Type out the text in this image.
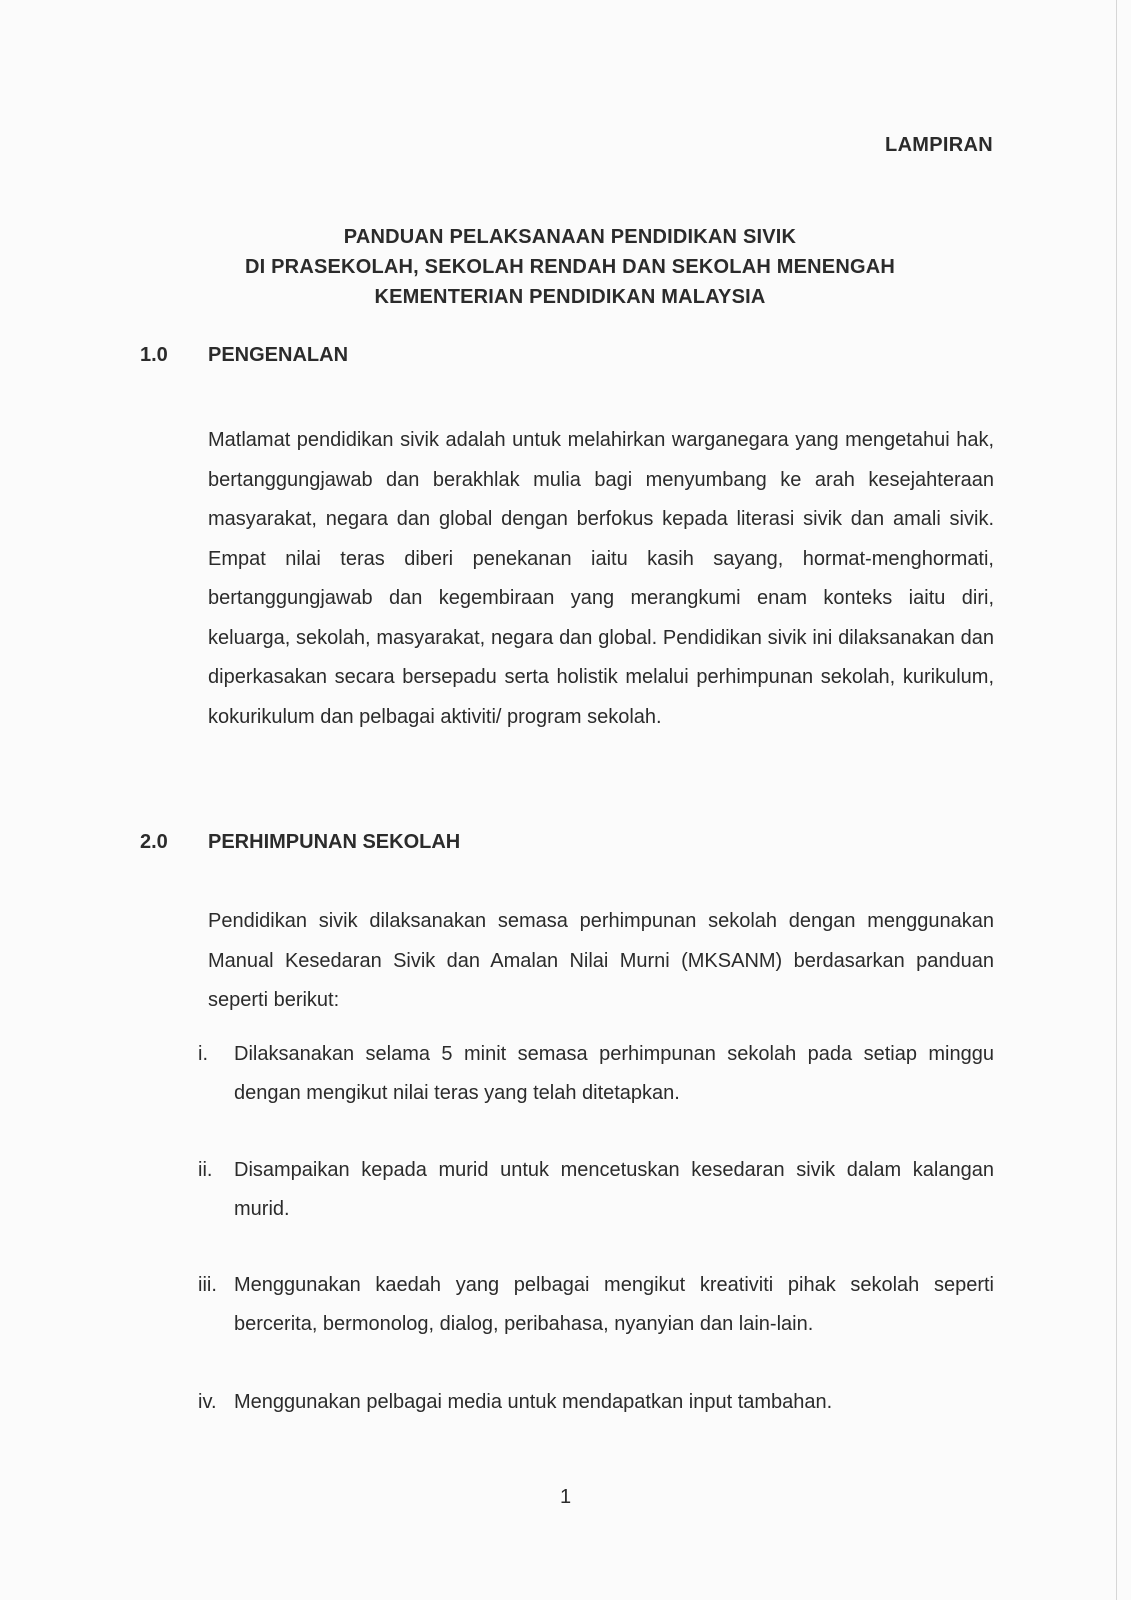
LAMPIRAN
PANDUAN PELAKSANAAN PENDIDIKAN SIVIK
DI PRASEKOLAH, SEKOLAH RENDAH DAN SEKOLAH MENENGAH
KEMENTERIAN PENDIDIKAN MALAYSIA
1.0	PENGENALAN
Matlamat pendidikan sivik adalah untuk melahirkan warganegara yang mengetahui hak, bertanggungjawab dan berakhlak mulia bagi menyumbang ke arah kesejahteraan masyarakat, negara dan global dengan berfokus kepada literasi sivik dan amali sivik. Empat nilai teras diberi penekanan iaitu kasih sayang, hormat-menghormati, bertanggungjawab dan kegembiraan yang merangkumi enam konteks iaitu diri, keluarga, sekolah, masyarakat, negara dan global. Pendidikan sivik ini dilaksanakan dan diperkasakan secara bersepadu serta holistik melalui perhimpunan sekolah, kurikulum, kokurikulum dan pelbagai aktiviti/ program sekolah.
2.0	PERHIMPUNAN SEKOLAH
Pendidikan sivik dilaksanakan semasa perhimpunan sekolah dengan menggunakan Manual Kesedaran Sivik dan Amalan Nilai Murni (MKSANM) berdasarkan panduan seperti berikut:
i.	Dilaksanakan selama 5 minit semasa perhimpunan sekolah pada setiap minggu dengan mengikut nilai teras yang telah ditetapkan.
ii.	Disampaikan kepada murid untuk mencetuskan kesedaran sivik dalam kalangan murid.
iii. Menggunakan kaedah yang pelbagai mengikut kreativiti pihak sekolah seperti bercerita, bermonolog, dialog, peribahasa, nyanyian dan lain-lain.
iv. Menggunakan pelbagai media untuk mendapatkan input tambahan.
1
